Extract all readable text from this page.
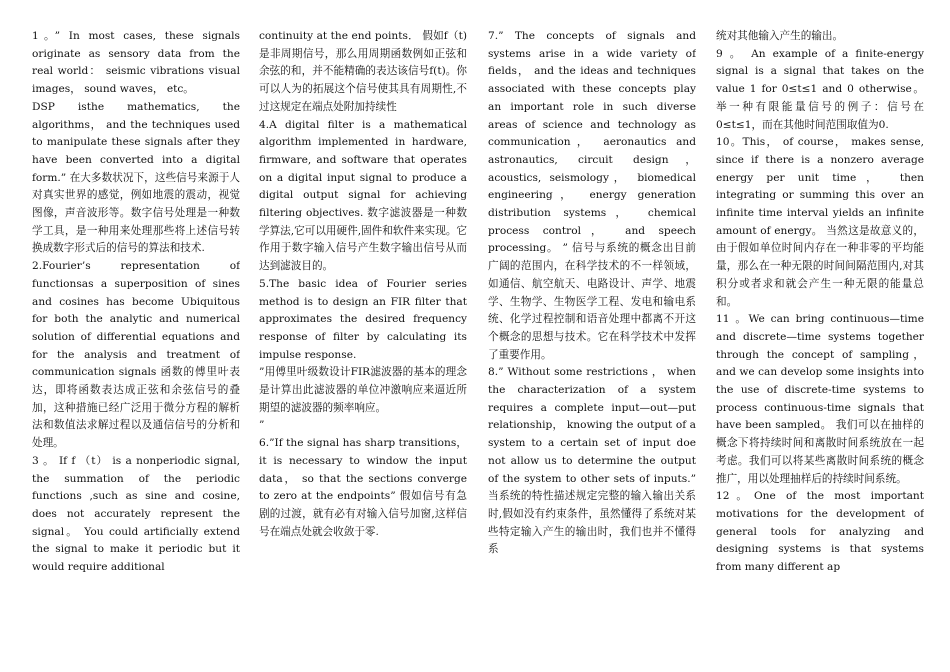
1。” In most cases, these signals originate as sensory data from the real world： seismic vibrations visual images， sound waves， etc。

DSP isthe mathematics, the algorithms， and the techniques used to manipulate these signals after they have been converted into a digital form.” 在大多数状况下，这些信号来源于人对真实世界的感觉，例如地震的震动，视觉图像，声音波形等。数字信号处理是一种数学工具，是一种用来处理那些将上述信号转换成数字形式后的信号的算法和技术.

2.Fourier’s representation of functionsas a superposition of sines and cosines has become Ubiquitous for both the analytic and numerical solution of differential equations and for the analysis and treatment of communication signals 函数的傅里叶表达，即将函数表达成正弦和余弦信号的叠加，这种措施已经广泛用于微分方程的解析法和数值法求解过程以及通信信号的分析和处理。

3 。 If f （t） is a nonperiodic signal, the summation of the periodic functions ,such as sine and cosine, does not accurately represent the signal。 You could artificially extend the signal to make it periodic but it would require additional

continuity at the end points． 假如f（t)是非周期信号，那么用周期函数例如正弦和余弦的和，并不能精确的表达该信号f(t)。你可以人为的拓展这个信号使其具有周期性,不过这规定在端点处附加持续性

4.A digital filter is a mathematical algorithm implemented in hardware, firmware, and software that operates on a digital input signal to produce a digital output signal for achieving filtering objectives. 数字滤波器是一种数学算法,它可以用硬件,固件和软件来实现。它作用于数字输入信号产生数字输出信号从而达到滤波目的。

5.The basic idea of Fourier series method is to design an FIR filter that approximates the desired frequency response of filter by calculating its impulse response.

”用傅里叶级数设计FIR滤波器的基本的理念是计算出此滤波器的单位冲激响应来逼近所期望的滤波器的频率响应。

”

6.”If the signal has sharp transitions， it is necessary to window the input data， so that the sections converge to zero at the endpoints” 假如信号有急剧的过渡，就有必有对输入信号加窗,这样信号在端点处就会收敛于零.

7.” The concepts of signals and systems arise in a wide variety of fields， and the ideas and techniques associated with these concepts play an important role in such diverse areas of science and technology as communication， aeronautics and astronautics, circuit design， acoustics, seismology， biomedical engineering， energy generation distribution systems， chemical process control， and speech processing。 ” 信号与系统的概念出目前广阔的范围内，在科学技术的不一样领域，如通信、航空航天、电路设计、声学、地震学、生物学、生物医学工程、发电和输电系统、化学过程控制和语音处理中都离不开这个概念的思想与技术。它在科学技术中发挥了重要作用。

8.” Without some restrictions ， when the characterization of a system requires a complete input—out—put relationship， knowing the output of a system to a certain set of input doe not allow us to determine the output of the system to other sets of inputs.” 当系统的特性描述规定完整的输入输出关系时,假如没有约束条件，虽然懂得了系统对某 些特定输入产生的输出时，我们也并不懂得系

统对其他输入产生的输出。

9 。 An example of a finite-energy signal is a signal that takes on the value 1 for 0≤t≤1 and 0 otherwise。 举一种有限能量信号的例子：信号在0≤t≤1，而在其他时间范围取值为0.

10。This， of course， makes sense, since if there is a nonzero average energy per unit time， then integrating or summing this over an infinite time interval yields an infinite amount of energy。 当然这是故意义的，由于假如单位时间内存在一种非零的平均能量，那么在一种无限的时间间隔范围内,对其积分或者求和就会产生一种无限的能量总和。

11 。We can bring continuous—time and discrete—time systems together through the concept of sampling， and we can develop some insights into the use of discrete-time systems to process continuous-time signals that have been sampled。 我们可以在抽样的概念下将持续时间和离散时间系统放在一起考虑。我们可以将某些离散时间系统的概念推广，用以处理抽样后的持续时间系统。

12。One of the most important motivations for the development of general tools for analyzing and designing systems is that systems from many different ap
